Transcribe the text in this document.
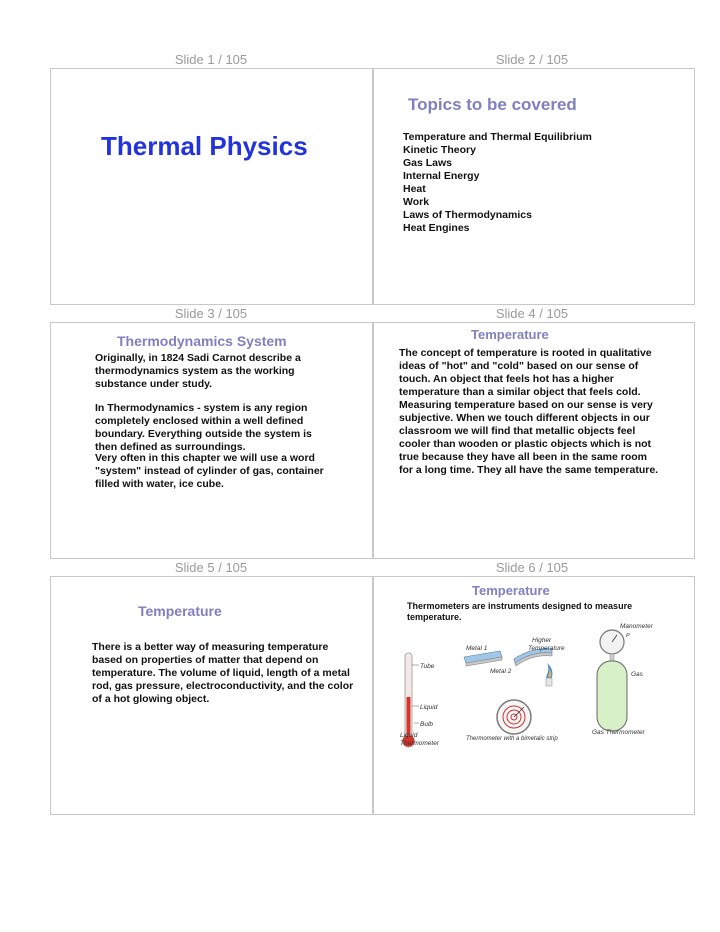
Slide 1 / 105	Slide 2 / 105
Slide 3 / 105	Slide 4 / 105
Slide 5 / 105	Slide 6 / 105
Thermal Physics
Topics to be covered
Temperature and Thermal Equilibrium
Kinetic Theory
Gas Laws
Internal Energy
Heat
Work
Laws of Thermodynamics
Heat Engines
Thermodynamics System
Originally, in 1824 Sadi Carnot describe a thermodynamics system as the working substance under study.
In Thermodynamics - system is any region completely enclosed within a well defined boundary. Everything outside the system is then defined as surroundings.
Very often in this chapter we will use a word "system" instead of cylinder of gas, container filled with water, ice cube.
Temperature
The concept of temperature is rooted in qualitative ideas of "hot" and "cold" based on our sense of touch. An object that feels hot has a higher temperature than a similar object that feels cold. Measuring temperature based on our sense is very subjective. When we touch different objects in our classroom we will find that metallic objects feel cooler than wooden or plastic objects which is not true because they have all been in the same room for a long time. They all have the same temperature.
Temperature
There is a better way of measuring temperature based on properties of matter that depend on temperature. The volume of liquid, length of a metal rod, gas pressure, electroconductivity, and the color of a hot glowing object.
Temperature
Thermometers are instruments designed to measure temperature.
Tube
Liquid
Bulb
Liquid
Thermometer
Metal 1
Metal 2
Higher
Temperature
Thermometer with a bimetalic strip
Manometer
P
Gas
Gas Thermometer
